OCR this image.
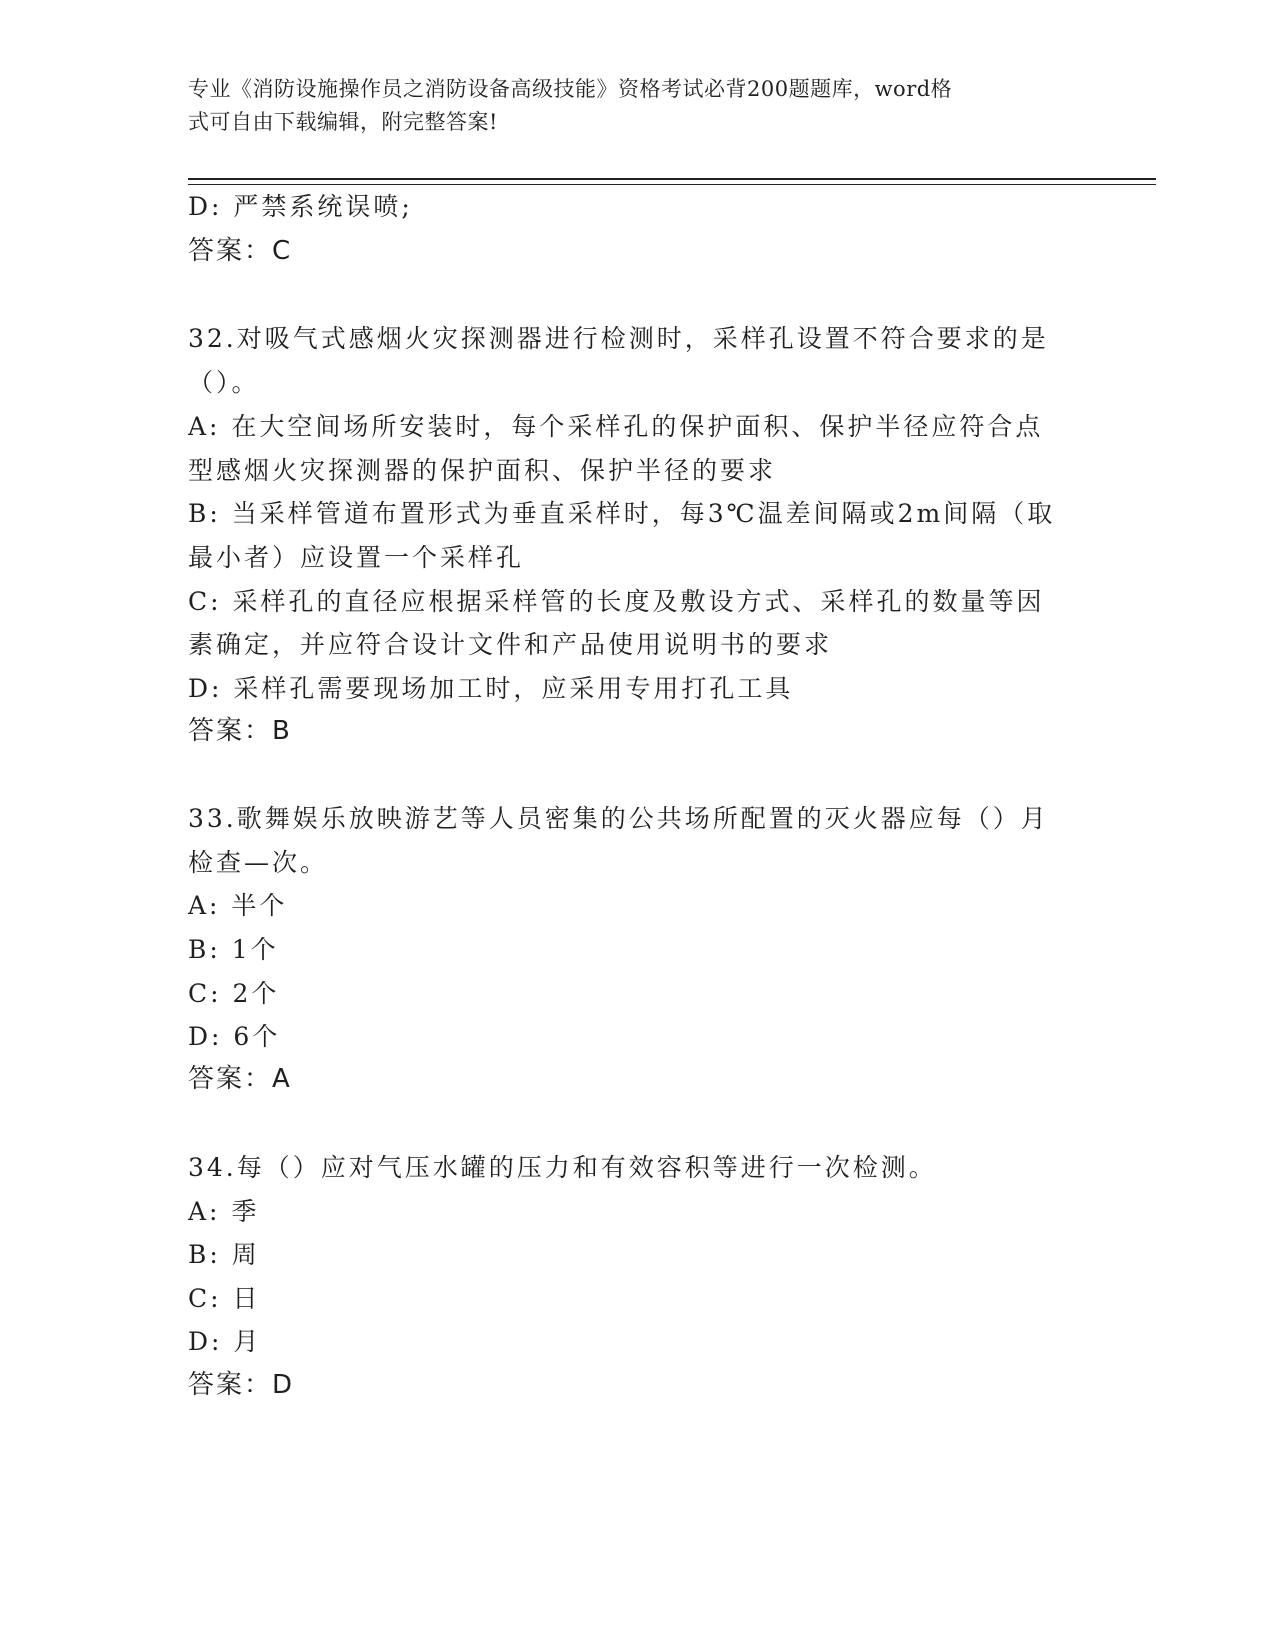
专业《消防设施操作员之消防设备高级技能》资格考试必背200题题库，word格
式可自由下载编辑，附完整答案!
D: 严禁系统误喷;
答案：C
32.对吸气式感烟火灾探测器进行检测时，采样孔设置不符合要求的是
（）。
A: 在大空间场所安装时，每个采样孔的保护面积、保护半径应符合点
型感烟火灾探测器的保护面积、保护半径的要求
B: 当采样管道布置形式为垂直采样时，每3℃温差间隔或2m间隔（取
最小者）应设置一个采样孔
C: 采样孔的直径应根据采样管的长度及敷设方式、采样孔的数量等因
素确定，并应符合设计文件和产品使用说明书的要求
D: 采样孔需要现场加工时，应采用专用打孔工具
答案：B
33.歌舞娱乐放映游艺等人员密集的公共场所配置的灭火器应每（）月
检查—次。
A: 半个
B: 1个
C: 2个
D: 6个
答案：A
34.每（）应对气压水罐的压力和有效容积等进行一次检测。
A: 季
B: 周
C: 日
D: 月
答案：D
